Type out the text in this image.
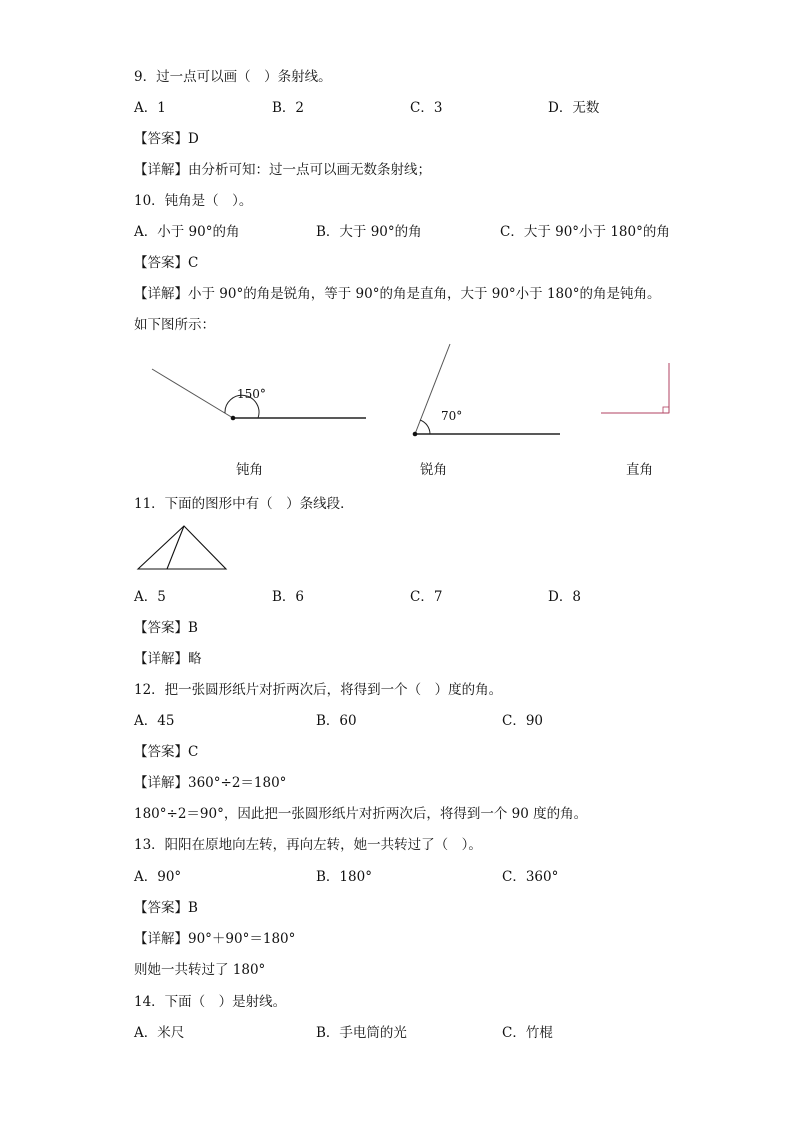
9．过一点可以画（　）条射线。
A．1	B．2	C．3	D．无数
【答案】D
【详解】由分析可知：过一点可以画无数条射线；
10．钝角是（　）。
A．小于 90°的角	B．大于 90°的角	C．大于 90°小于 180°的角
【答案】C
【详解】小于 90°的角是锐角，等于 90°的角是直角，大于 90°小于 180°的角是钝角。
如下图所示：
150°
70°
钝角	锐角	直角
11．下面的图形中有（　）条线段．
A．5	B．6	C．7	D．8
【答案】B
【详解】略
12．把一张圆形纸片对折两次后，将得到一个（　）度的角。
A．45	B．60	C．90
【答案】C
【详解】360°÷2＝180°
180°÷2＝90°，因此把一张圆形纸片对折两次后，将得到一个 90 度的角。
13．阳阳在原地向左转，再向左转，她一共转过了（　）。
A．90°	B．180°	C．360°
【答案】B
【详解】90°＋90°＝180°
则她一共转过了 180°
14．下面（　）是射线。
A．米尺	B．手电筒的光	C．竹棍
